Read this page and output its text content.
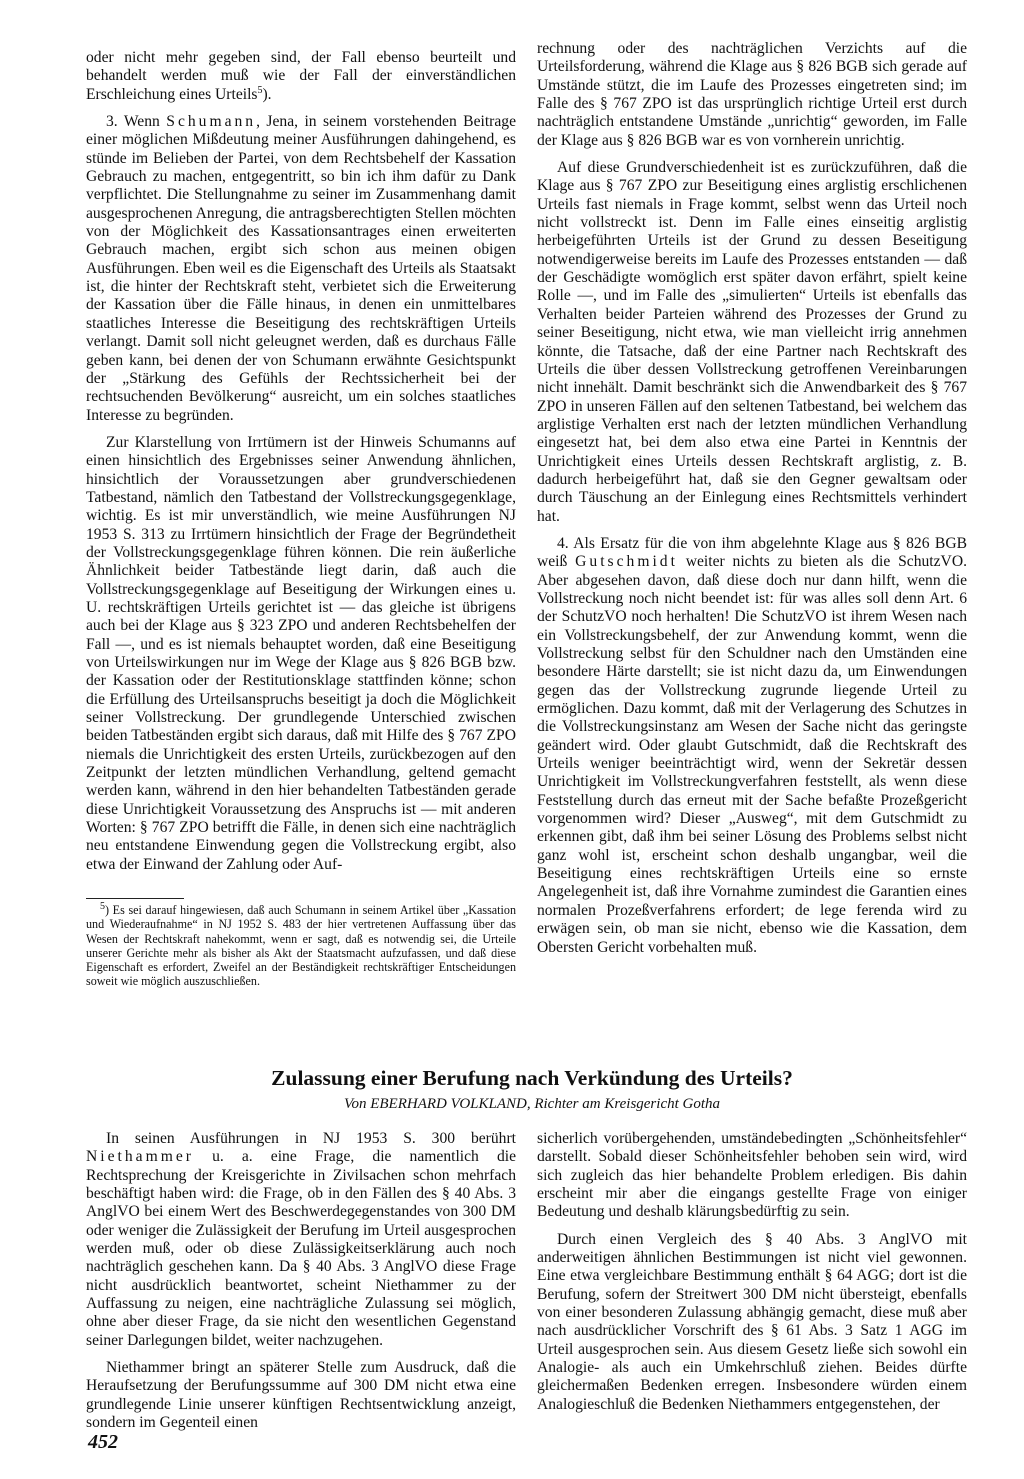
oder nicht mehr gegeben sind, der Fall ebenso beurteilt und behandelt werden muß wie der Fall der einverständlichen Erschleichung eines Urteils$^5$).

3. Wenn Schumann, Jena, in seinem vorstehenden Beitrage einer möglichen Mißdeutung meiner Ausführungen dahingehend, es stünde im Belieben der Partei, von dem Rechtsbehelf der Kassation Gebrauch zu machen, entgegentritt, so bin ich ihm dafür zu Dank verpflichtet. Die Stellungnahme zu seiner im Zusammenhang damit ausgesprochenen Anregung, die antragsberechtigten Stellen möchten von der Möglichkeit des Kassationsantrages einen erweiterten Gebrauch machen, ergibt sich schon aus meinen obigen Ausführungen. Eben weil es die Eigenschaft des Urteils als Staatsakt ist, die hinter der Rechtskraft steht, verbietet sich die Erweiterung der Kassation über die Fälle hinaus, in denen ein unmittelbares staatliches Interesse die Beseitigung des rechtskräftigen Urteils verlangt. Damit soll nicht geleugnet werden, daß es durchaus Fälle geben kann, bei denen der von Schumann erwähnte Gesichtspunkt der „Stärkung des Gefühls der Rechtssicherheit bei der rechtsuchenden Bevölkerung“ ausreicht, um ein solches staatliches Interesse zu begründen.

Zur Klarstellung von Irrtümern ist der Hinweis Schumanns auf einen hinsichtlich des Ergebnisses seiner Anwendung ähnlichen, hinsichtlich der Voraussetzungen aber grundverschiedenen Tatbestand, nämlich den Tatbestand der Vollstreckungsgegenklage, wichtig. Es ist mir unverständlich, wie meine Ausführungen NJ 1953 S. 313 zu Irrtümern hinsichtlich der Frage der Begründetheit der Vollstreckungsgegenklage führen können. Die rein äußerliche Ähnlichkeit beider Tatbestände liegt darin, daß auch die Vollstreckungsgegenklage auf Beseitigung der Wirkungen eines u. U. rechtskräftigen Urteils gerichtet ist — das gleiche ist übrigens auch bei der Klage aus § 323 ZPO und anderen Rechtsbehelfen der Fall —, und es ist niemals behauptet worden, daß eine Beseitigung von Urteilswirkungen nur im Wege der Klage aus § 826 BGB bzw. der Kassation oder der Restitutionsklage stattfinden könne; schon die Erfüllung des Urteilsanspruchs beseitigt ja doch die Möglichkeit seiner Vollstreckung. Der grundlegende Unterschied zwischen beiden Tatbeständen ergibt sich daraus, daß mit Hilfe des § 767 ZPO niemals die Unrichtigkeit des ersten Urteils, zurückbezogen auf den Zeitpunkt der letzten mündlichen Verhandlung, geltend gemacht werden kann, während in den hier behandelten Tatbeständen gerade diese Unrichtigkeit Voraussetzung des Anspruchs ist — mit anderen Worten: § 767 ZPO betrifft die Fälle, in denen sich eine nachträglich neu entstandene Einwendung gegen die Vollstreckung ergibt, also etwa der Einwand der Zahlung oder Auf-

$^5$) Es sei darauf hingewiesen, daß auch Schumann in seinem Artikel über „Kassation und Wiederaufnahme“ in NJ 1952 S. 483 der hier vertretenen Auffassung über das Wesen der Rechtskraft nahekommt, wenn er sagt, daß es notwendig sei, die Urteile unserer Gerichte mehr als bisher als Akt der Staatsmacht aufzufassen, und daß diese Eigenschaft es erfordert, Zweifel an der Beständigkeit rechtskräftiger Entscheidungen soweit wie möglich auszuschließen.

rechnung oder des nachträglichen Verzichts auf die Urteilsforderung, während die Klage aus § 826 BGB sich gerade auf Umstände stützt, die im Laufe des Prozesses eingetreten sind; im Falle des § 767 ZPO ist das ursprünglich richtige Urteil erst durch nachträglich entstandene Umstände „unrichtig“ geworden, im Falle der Klage aus § 826 BGB war es von vornherein unrichtig.

Auf diese Grundverschiedenheit ist es zurückzuführen, daß die Klage aus § 767 ZPO zur Beseitigung eines arglistig erschlichenen Urteils fast niemals in Frage kommt, selbst wenn das Urteil noch nicht vollstreckt ist. Denn im Falle eines einseitig arglistig herbeigeführten Urteils ist der Grund zu dessen Beseitigung notwendigerweise bereits im Laufe des Prozesses entstanden — daß der Geschädigte womöglich erst später davon erfährt, spielt keine Rolle —, und im Falle des „simulierten“ Urteils ist ebenfalls das Verhalten beider Parteien während des Prozesses der Grund zu seiner Beseitigung, nicht etwa, wie man vielleicht irrig annehmen könnte, die Tatsache, daß der eine Partner nach Rechtskraft des Urteils die über dessen Vollstreckung getroffenen Vereinbarungen nicht innehält. Damit beschränkt sich die Anwendbarkeit des § 767 ZPO in unseren Fällen auf den seltenen Tatbestand, bei welchem das arglistige Verhalten erst nach der letzten mündlichen Verhandlung eingesetzt hat, bei dem also etwa eine Partei in Kenntnis der Unrichtigkeit eines Urteils dessen Rechtskraft arglistig, z. B. dadurch herbeigeführt hat, daß sie den Gegner gewaltsam oder durch Täuschung an der Einlegung eines Rechtsmittels verhindert hat.

4. Als Ersatz für die von ihm abgelehnte Klage aus § 826 BGB weiß Gutschmidt weiter nichts zu bieten als die SchutzVO. Aber abgesehen davon, daß diese doch nur dann hilft, wenn die Vollstreckung noch nicht beendet ist: für was alles soll denn Art. 6 der SchutzVO noch herhalten! Die SchutzVO ist ihrem Wesen nach ein Vollstreckungsbehelf, der zur Anwendung kommt, wenn die Vollstreckung selbst für den Schuldner nach den Umständen eine besondere Härte darstellt; sie ist nicht dazu da, um Einwendungen gegen das der Vollstreckung zugrunde liegende Urteil zu ermöglichen. Dazu kommt, daß mit der Verlagerung des Schutzes in die Vollstreckungsinstanz am Wesen der Sache nicht das geringste geändert wird. Oder glaubt Gutschmidt, daß die Rechtskraft des Urteils weniger beeinträchtigt wird, wenn der Sekretär dessen Unrichtigkeit im Vollstreckungverfahren feststellt, als wenn diese Feststellung durch das erneut mit der Sache befaßte Prozeßgericht vorgenommen wird? Dieser „Ausweg“, mit dem Gutschmidt zu erkennen gibt, daß ihm bei seiner Lösung des Problems selbst nicht ganz wohl ist, erscheint schon deshalb ungangbar, weil die Beseitigung eines rechtskräftigen Urteils eine so ernste Angelegenheit ist, daß ihre Vornahme zumindest die Garantien eines normalen Prozeßverfahrens erfordert; de lege ferenda wird zu erwägen sein, ob man sie nicht, ebenso wie die Kassation, dem Obersten Gericht vorbehalten muß.

Zulassung einer Berufung nach Verkündung des Urteils?
Von EBERHARD VOLKLAND, Richter am Kreisgericht Gotha

In seinen Ausführungen in NJ 1953 S. 300 berührt Niethammer u. a. eine Frage, die namentlich die Rechtsprechung der Kreisgerichte in Zivilsachen schon mehrfach beschäftigt haben wird: die Frage, ob in den Fällen des § 40 Abs. 3 AnglVO bei einem Wert des Beschwerdegegenstandes von 300 DM oder weniger die Zulässigkeit der Berufung im Urteil ausgesprochen werden muß, oder ob diese Zulässigkeitserklärung auch noch nachträglich geschehen kann. Da § 40 Abs. 3 AnglVO diese Frage nicht ausdrücklich beantwortet, scheint Niethammer zu der Auffassung zu neigen, eine nachträgliche Zulassung sei möglich, ohne aber dieser Frage, da sie nicht den wesentlichen Gegenstand seiner Darlegungen bildet, weiter nachzugehen.

Niethammer bringt an späterer Stelle zum Ausdruck, daß die Heraufsetzung der Berufungssumme auf 300 DM nicht etwa eine grundlegende Linie unserer künftigen Rechtsentwicklung anzeigt, sondern im Gegenteil einen

sicherlich vorübergehenden, umständebedingten „Schönheitsfehler“ darstellt. Sobald dieser Schönheitsfehler behoben sein wird, wird sich zugleich das hier behandelte Problem erledigen. Bis dahin erscheint mir aber die eingangs gestellte Frage von einiger Bedeutung und deshalb klärungsbedürftig zu sein.

Durch einen Vergleich des § 40 Abs. 3 AnglVO mit anderweitigen ähnlichen Bestimmungen ist nicht viel gewonnen. Eine etwa vergleichbare Bestimmung enthält § 64 AGG; dort ist die Berufung, sofern der Streitwert 300 DM nicht übersteigt, ebenfalls von einer besonderen Zulassung abhängig gemacht, diese muß aber nach ausdrücklicher Vorschrift des § 61 Abs. 3 Satz 1 AGG im Urteil ausgesprochen sein. Aus diesem Gesetz ließe sich sowohl ein Analogie- als auch ein Umkehrschluß ziehen. Beides dürfte gleichermaßen Bedenken erregen. Insbesondere würden einem Analogieschluß die Bedenken Niethammers entgegenstehen, der

452
